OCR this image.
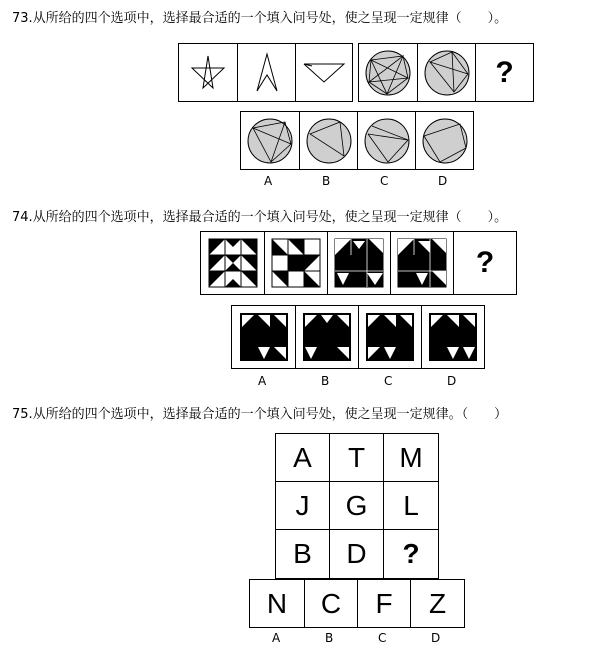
73.从所给的四个选项中，选择最合适的一个填入问号处，使之呈现一定规律（　　）。
?
A	B	C	D
74.从所给的四个选项中，选择最合适的一个填入问号处，使之呈现一定规律（　　）。
?
A	B	C	D
75.从所给的四个选项中，选择最合适的一个填入问号处，使之呈现一定规律。（　　）
A T M
J G L
B D ?
N C F Z
A	B	C	D
